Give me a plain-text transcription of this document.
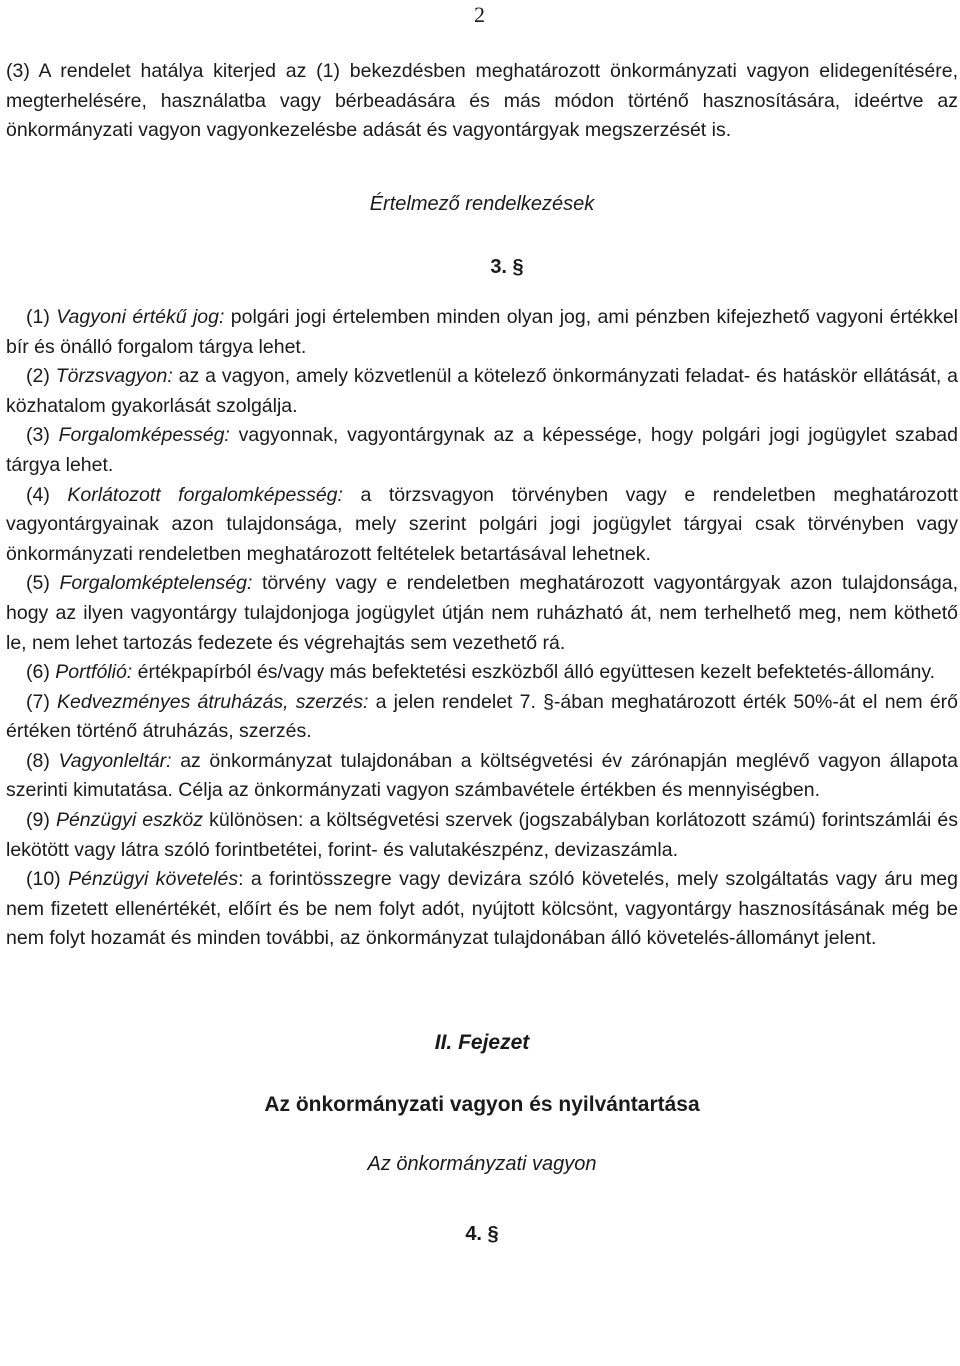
2

(3) A rendelet hatálya kiterjed az (1) bekezdésben meghatározott önkormányzati vagyon elidegenítésére, megterhelésére, használatba vagy bérbeadására és más módon történő hasznosítására, ideértve az önkormányzati vagyon vagyonkezelésbe adását és vagyontárgyak megszerzését is.

Értelmező rendelkezések

3. §

(1) Vagyoni értékű jog: polgári jogi értelemben minden olyan jog, ami pénzben kifejezhető vagyoni értékkel bír és önálló forgalom tárgya lehet.

(2) Törzsvagyon: az a vagyon, amely közvetlenül a kötelező önkormányzati feladat- és hatáskör ellátását, a közhatalom gyakorlását szolgálja.

(3) Forgalomképesség: vagyonnak, vagyontárgynak az a képessége, hogy polgári jogi jogügylet szabad tárgya lehet.

(4) Korlátozott forgalomképesség: a törzsvagyon törvényben vagy e rendeletben meghatározott vagyontárgyainak azon tulajdonsága, mely szerint polgári jogi jogügylet tárgyai csak törvényben vagy önkormányzati rendeletben meghatározott feltételek betartásával lehetnek.

(5) Forgalomképtelenség: törvény vagy e rendeletben meghatározott vagyontárgyak azon tulajdonsága, hogy az ilyen vagyontárgy tulajdonjoga jogügylet útján nem ruházható át, nem terhelhető meg, nem köthető le, nem lehet tartozás fedezete és végrehajtás sem vezethető rá.

(6) Portfólió: értékpapírból és/vagy más befektetési eszközből álló együttesen kezelt befektetés-állomány.

(7) Kedvezményes átruházás, szerzés: a jelen rendelet 7. §-ában meghatározott érték 50%-át el nem érő értéken történő átruházás, szerzés.

(8) Vagyonleltár: az önkormányzat tulajdonában a költségvetési év zárónapján meglévő vagyon állapota szerinti kimutatása. Célja az önkormányzati vagyon számbavétele értékben és mennyiségben.

(9) Pénzügyi eszköz különösen: a költségvetési szervek (jogszabályban korlátozott számú) forintszámlái és lekötött vagy látra szóló forintbetétei, forint- és valutakészpénz, devizaszámla.

(10) Pénzügyi követelés: a forintösszegre vagy devizára szóló követelés, mely szolgáltatás vagy áru meg nem fizetett ellenértékét, előírt és be nem folyt adót, nyújtott kölcsönt, vagyontárgy hasznosításának még be nem folyt hozamát és minden további, az önkormányzat tulajdonában álló követelés-állományt jelent.

II. Fejezet

Az önkormányzati vagyon és nyilvántartása

Az önkormányzati vagyon

4. §
